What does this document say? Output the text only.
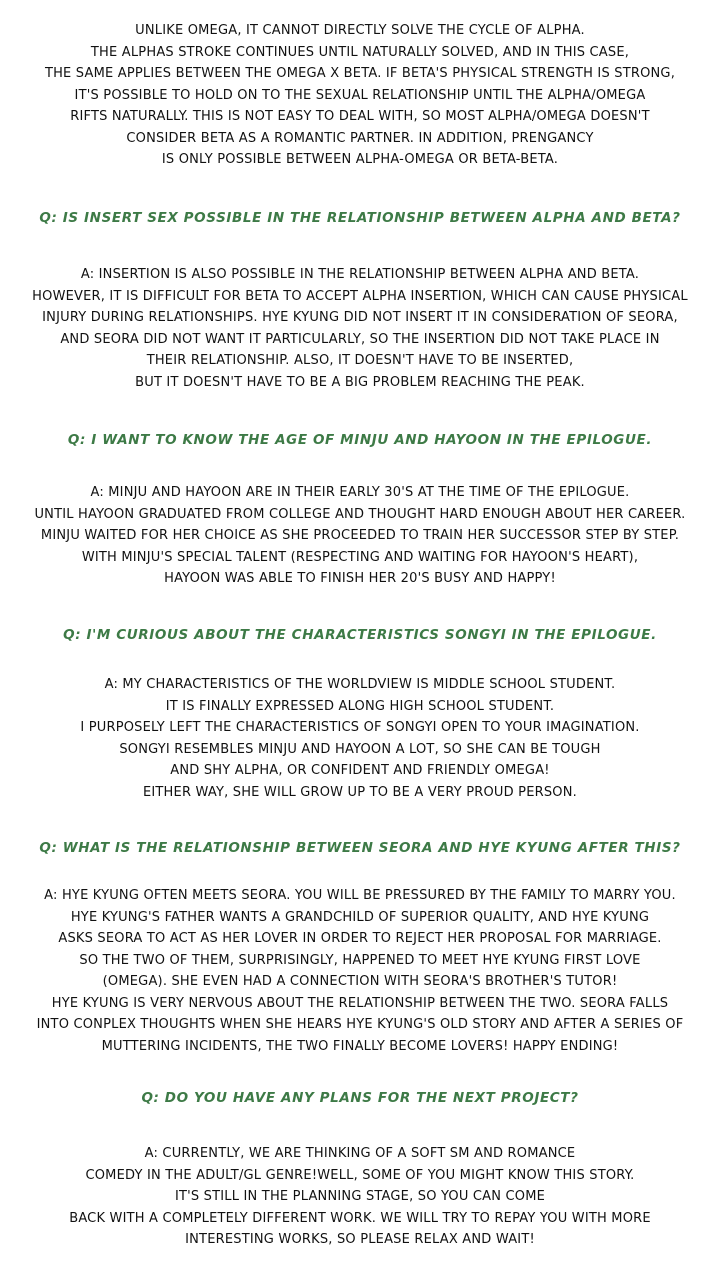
UNLIKE OMEGA, IT CANNOT DIRECTLY SOLVE THE CYCLE OF ALPHA.
THE ALPHAS STROKE CONTINUES UNTIL NATURALLY SOLVED, AND IN THIS CASE,
THE SAME APPLIES BETWEEN THE OMEGA X BETA. IF BETA'S PHYSICAL STRENGTH IS STRONG,
IT'S POSSIBLE TO HOLD ON TO THE SEXUAL RELATIONSHIP UNTIL THE ALPHA/OMEGA
RIFTS NATURALLY. THIS IS NOT EASY TO DEAL WITH, SO MOST ALPHA/OMEGA DOESN'T
CONSIDER BETA AS A ROMANTIC PARTNER. IN ADDITION, PRENGANCY
IS ONLY POSSIBLE BETWEEN ALPHA-OMEGA OR BETA-BETA.
Q: IS INSERT SEX POSSIBLE IN THE RELATIONSHIP BETWEEN ALPHA AND BETA?
A: INSERTION IS ALSO POSSIBLE IN THE RELATIONSHIP BETWEEN ALPHA AND BETA.
HOWEVER, IT IS DIFFICULT FOR BETA TO ACCEPT ALPHA INSERTION, WHICH CAN CAUSE PHYSICAL
INJURY DURING RELATIONSHIPS. HYE KYUNG DID NOT INSERT IT IN CONSIDERATION OF SEORA,
AND SEORA DID NOT WANT IT PARTICULARLY, SO THE INSERTION DID NOT TAKE PLACE IN
THEIR RELATIONSHIP. ALSO, IT DOESN'T HAVE TO BE INSERTED,
BUT IT DOESN'T HAVE TO BE A BIG PROBLEM REACHING THE PEAK.
Q: I WANT TO KNOW THE AGE OF MINJU AND HAYOON IN THE EPILOGUE.
A: MINJU AND HAYOON ARE IN THEIR EARLY 30'S AT THE TIME OF THE EPILOGUE.
UNTIL HAYOON GRADUATED FROM COLLEGE AND THOUGHT HARD ENOUGH ABOUT HER CAREER.
MINJU WAITED FOR HER CHOICE AS SHE PROCEEDED TO TRAIN HER SUCCESSOR STEP BY STEP.
WITH MINJU'S SPECIAL TALENT (RESPECTING AND WAITING FOR HAYOON'S HEART),
HAYOON WAS ABLE TO FINISH HER 20'S BUSY AND HAPPY!
Q: I'M CURIOUS ABOUT THE CHARACTERISTICS SONGYI IN THE EPILOGUE.
A: MY CHARACTERISTICS OF THE WORLDVIEW IS MIDDLE SCHOOL STUDENT.
IT IS FINALLY EXPRESSED ALONG HIGH SCHOOL STUDENT.
I PURPOSELY LEFT THE CHARACTERISTICS OF SONGYI OPEN TO YOUR IMAGINATION.
SONGYI RESEMBLES MINJU AND HAYOON A LOT, SO SHE CAN BE TOUGH
AND SHY ALPHA, OR CONFIDENT AND FRIENDLY OMEGA!
EITHER WAY, SHE WILL GROW UP TO BE A VERY PROUD PERSON.
Q: WHAT IS THE RELATIONSHIP BETWEEN SEORA AND HYE KYUNG AFTER THIS?
A: HYE KYUNG OFTEN MEETS SEORA. YOU WILL BE PRESSURED BY THE FAMILY TO MARRY YOU.
HYE KYUNG'S FATHER WANTS A GRANDCHILD OF SUPERIOR QUALITY, AND HYE KYUNG
ASKS SEORA TO ACT AS HER LOVER IN ORDER TO REJECT HER PROPOSAL FOR MARRIAGE.
SO THE TWO OF THEM, SURPRISINGLY, HAPPENED TO MEET HYE KYUNG FIRST LOVE
(OMEGA). SHE EVEN HAD A CONNECTION WITH SEORA'S BROTHER'S TUTOR!
HYE KYUNG IS VERY NERVOUS ABOUT THE RELATIONSHIP BETWEEN THE TWO. SEORA FALLS
INTO CONPLEX THOUGHTS WHEN SHE HEARS HYE KYUNG'S OLD STORY AND AFTER A SERIES OF
MUTTERING INCIDENTS, THE TWO FINALLY BECOME LOVERS! HAPPY ENDING!
Q: DO YOU HAVE ANY PLANS FOR THE NEXT PROJECT?
A: CURRENTLY, WE ARE THINKING OF A SOFT SM AND ROMANCE
COMEDY IN THE ADULT/GL GENRE!WELL, SOME OF YOU MIGHT KNOW THIS STORY.
IT'S STILL IN THE PLANNING STAGE, SO YOU CAN COME
BACK WITH A COMPLETELY DIFFERENT WORK. WE WILL TRY TO REPAY YOU WITH MORE
INTERESTING WORKS, SO PLEASE RELAX AND WAIT!
